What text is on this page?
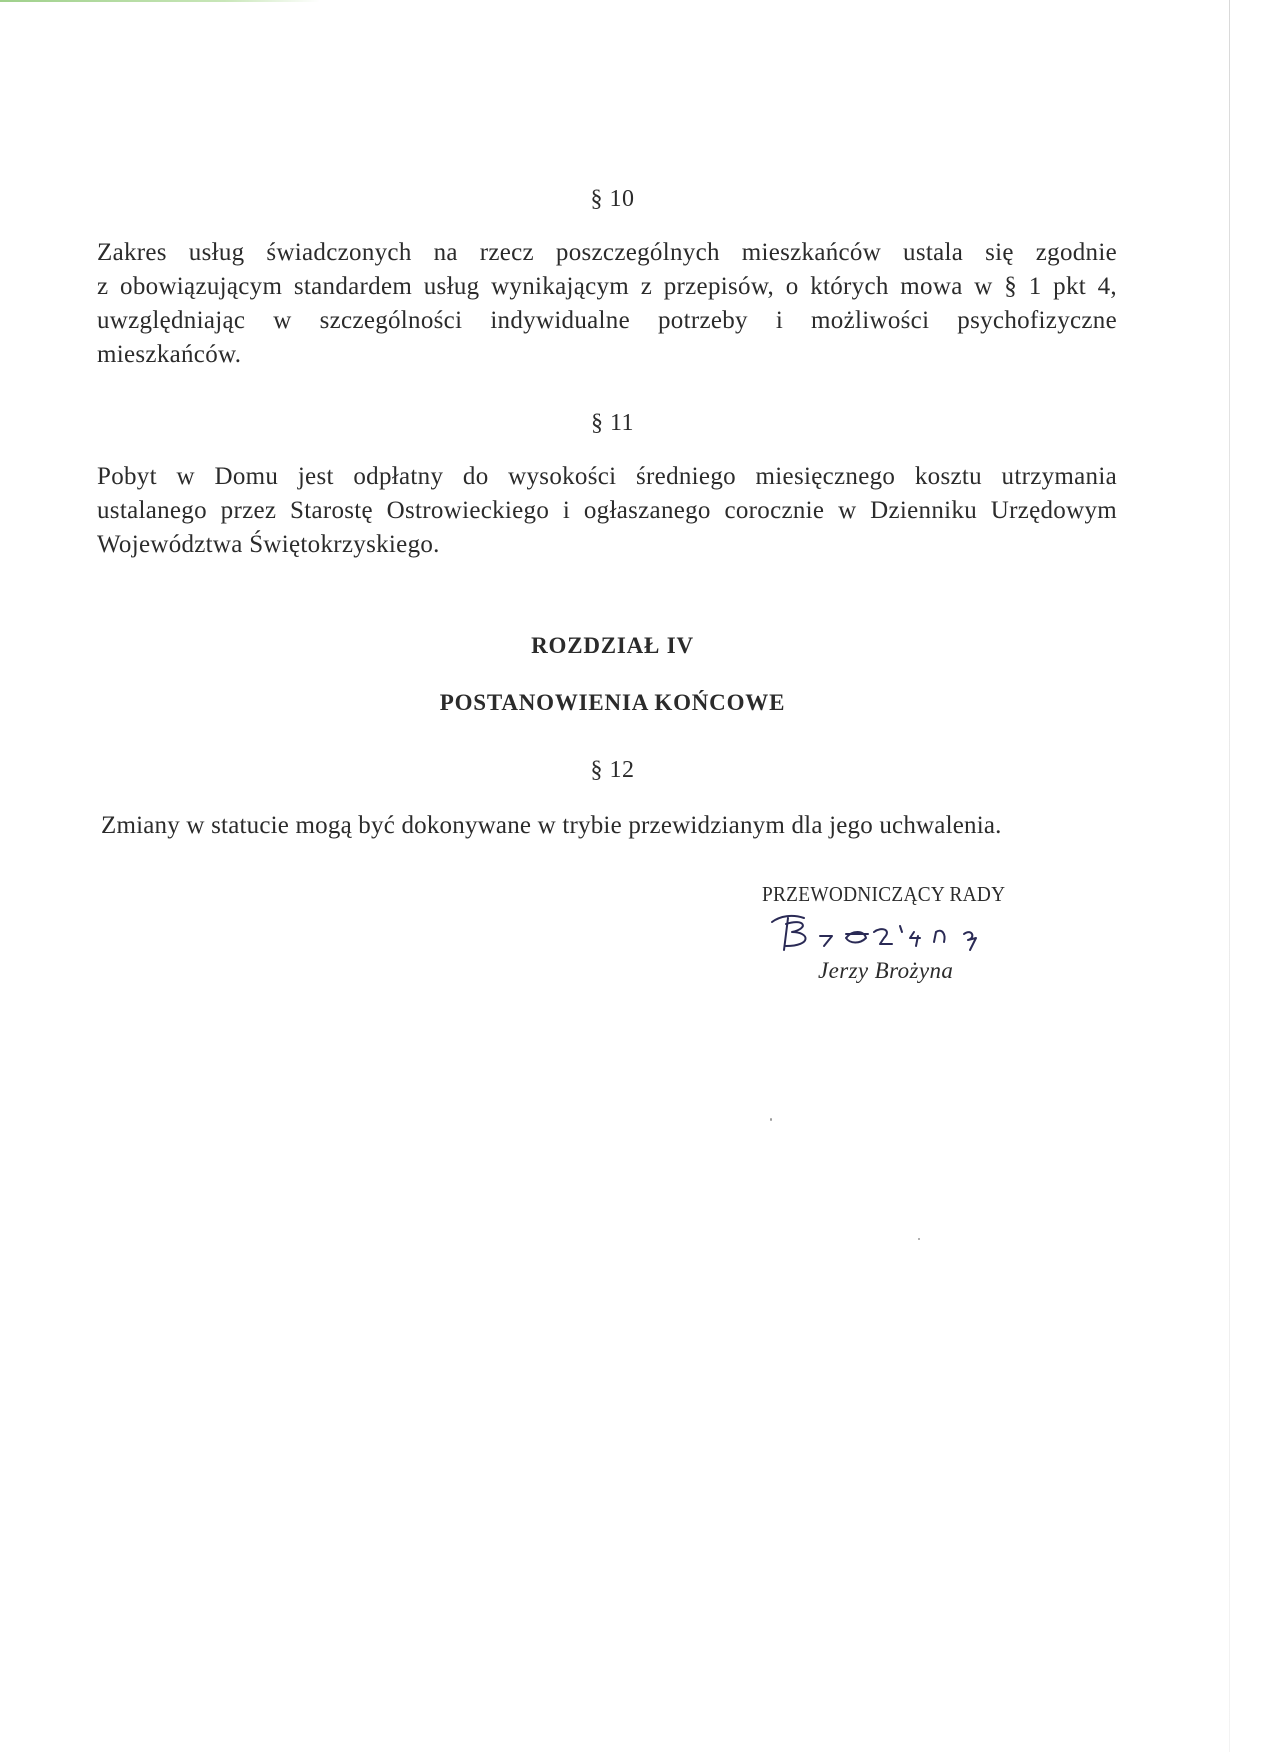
§ 10
Zakres usług świadczonych na rzecz poszczególnych mieszkańców ustala się zgodnie
z obowiązującym standardem usług wynikającym z przepisów, o których mowa w § 1 pkt 4,
uwzględniając w szczególności indywidualne potrzeby i możliwości psychofizyczne
mieszkańców.
§ 11
Pobyt w Domu jest odpłatny do wysokości średniego miesięcznego kosztu utrzymania
ustalanego przez Starostę Ostrowieckiego i ogłaszanego corocznie w Dzienniku Urzędowym
Województwa Świętokrzyskiego.
ROZDZIAŁ IV
POSTANOWIENIA KOŃCOWE
§ 12
Zmiany w statucie mogą być dokonywane w trybie przewidzianym dla jego uchwalenia.
PRZEWODNICZĄCY RADY
Jerzy Brożyna
